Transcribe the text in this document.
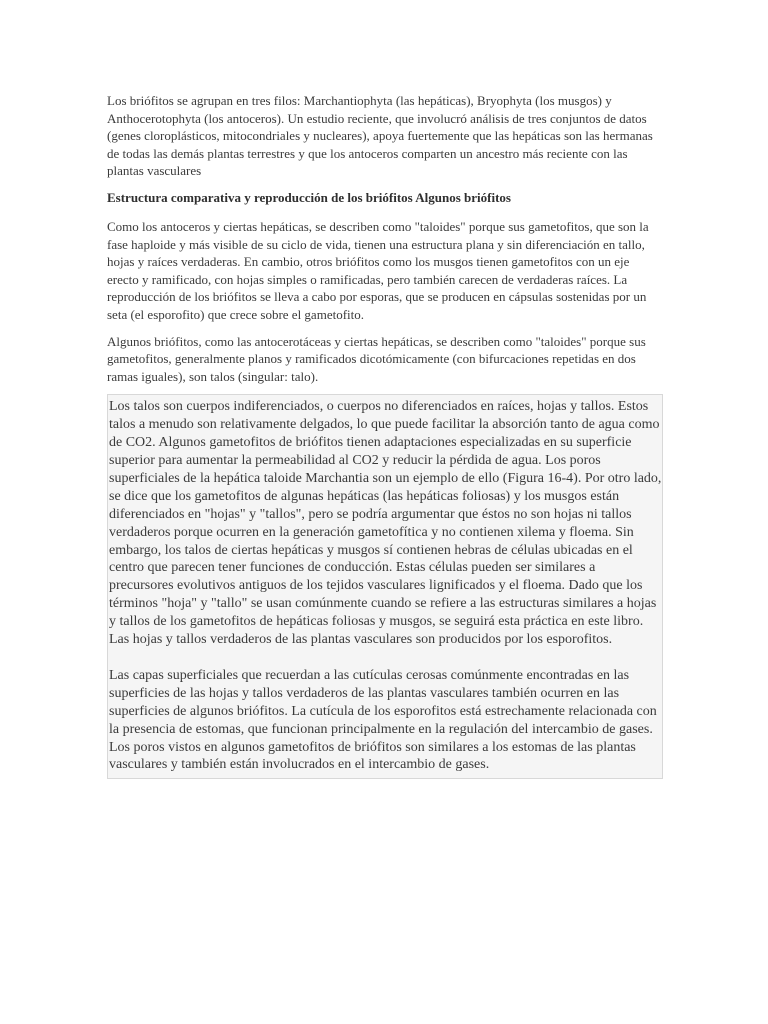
Los briófitos se agrupan en tres filos: Marchantiophyta (las hepáticas), Bryophyta (los musgos) y Anthocerotophyta (los antoceros). Un estudio reciente, que involucró análisis de tres conjuntos de datos (genes cloroplásticos, mitocondriales y nucleares), apoya fuertemente que las hepáticas son las hermanas de todas las demás plantas terrestres y que los antoceros comparten un ancestro más reciente con las plantas vasculares

Estructura comparativa y reproducción de los briófitos Algunos briófitos

Como los antoceros y ciertas hepáticas, se describen como "taloides" porque sus gametofitos, que son la fase haploide y más visible de su ciclo de vida, tienen una estructura plana y sin diferenciación en tallo, hojas y raíces verdaderas. En cambio, otros briófitos como los musgos tienen gametofitos con un eje erecto y ramificado, con hojas simples o ramificadas, pero también carecen de verdaderas raíces. La reproducción de los briófitos se lleva a cabo por esporas, que se producen en cápsulas sostenidas por un seta (el esporofito) que crece sobre el gametofito.

Algunos briófitos, como las antocerotáceas y ciertas hepáticas, se describen como "taloides" porque sus gametofitos, generalmente planos y ramificados dicotómicamente (con bifurcaciones repetidas en dos ramas iguales), son talos (singular: talo).

Los talos son cuerpos indiferenciados, o cuerpos no diferenciados en raíces, hojas y tallos. Estos talos a menudo son relativamente delgados, lo que puede facilitar la absorción tanto de agua como de CO2. Algunos gametofitos de briófitos tienen adaptaciones especializadas en su superficie superior para aumentar la permeabilidad al CO2 y reducir la pérdida de agua. Los poros superficiales de la hepática taloide Marchantia son un ejemplo de ello (Figura 16-4). Por otro lado, se dice que los gametofitos de algunas hepáticas (las hepáticas foliosas) y los musgos están diferenciados en "hojas" y "tallos", pero se podría argumentar que éstos no son hojas ni tallos verdaderos porque ocurren en la generación gametofítica y no contienen xilema y floema. Sin embargo, los talos de ciertas hepáticas y musgos sí contienen hebras de células ubicadas en el centro que parecen tener funciones de conducción. Estas células pueden ser similares a precursores evolutivos antiguos de los tejidos vasculares lignificados y el floema. Dado que los términos "hoja" y "tallo" se usan comúnmente cuando se refiere a las estructuras similares a hojas y tallos de los gametofitos de hepáticas foliosas y musgos, se seguirá esta práctica en este libro. Las hojas y tallos verdaderos de las plantas vasculares son producidos por los esporofitos.

Las capas superficiales que recuerdan a las cutículas cerosas comúnmente encontradas en las superficies de las hojas y tallos verdaderos de las plantas vasculares también ocurren en las superficies de algunos briófitos. La cutícula de los esporofitos está estrechamente relacionada con la presencia de estomas, que funcionan principalmente en la regulación del intercambio de gases. Los poros vistos en algunos gametofitos de briófitos son similares a los estomas de las plantas vasculares y también están involucrados en el intercambio de gases.
